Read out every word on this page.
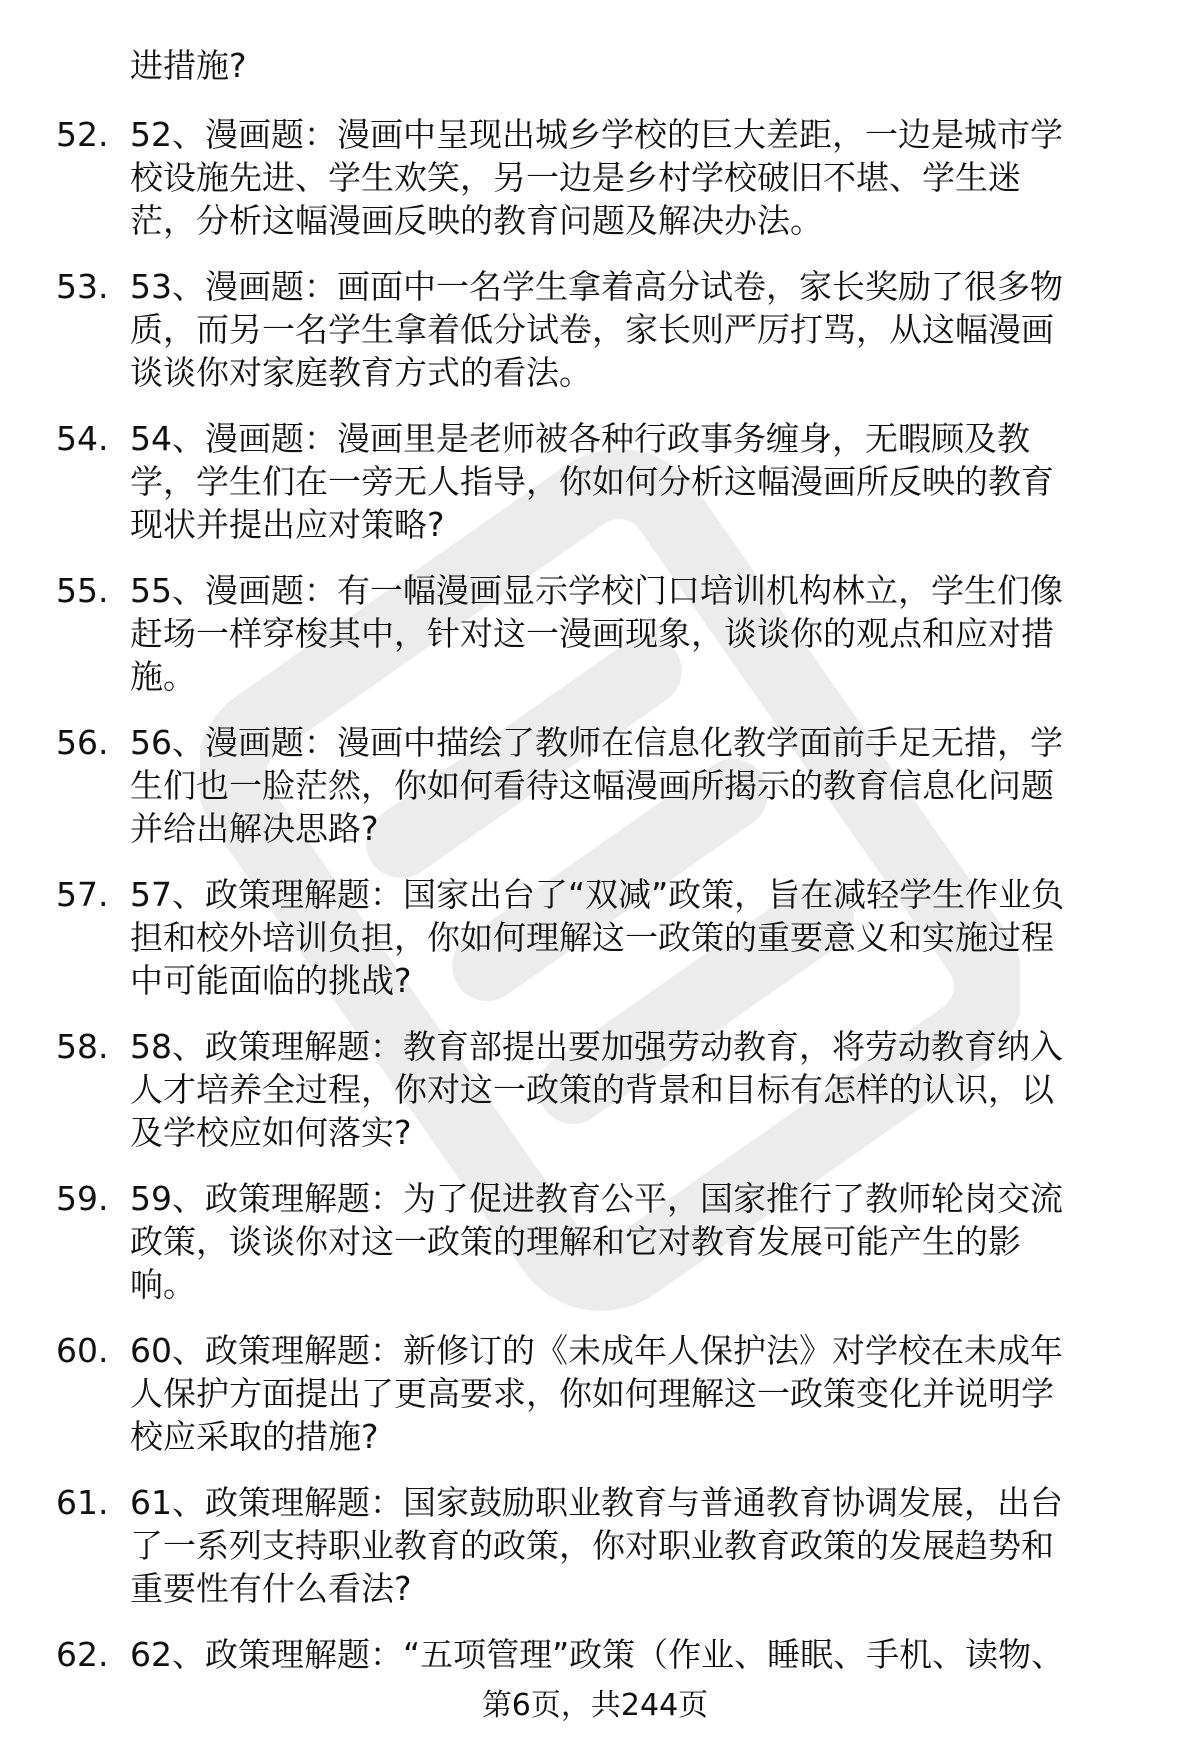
进措施?
52. 52、漫画题：漫画中呈现出城乡学校的巨大差距，一边是城市学
校设施先进、学生欢笑，另一边是乡村学校破旧不堪、学生迷
茫，分析这幅漫画反映的教育问题及解决办法。
53. 53、漫画题：画面中一名学生拿着高分试卷，家长奖励了很多物
质，而另一名学生拿着低分试卷，家长则严厉打骂，从这幅漫画
谈谈你对家庭教育方式的看法。
54. 54、漫画题：漫画里是老师被各种行政事务缠身，无暇顾及教
学，学生们在一旁无人指导，你如何分析这幅漫画所反映的教育
现状并提出应对策略?
55. 55、漫画题：有一幅漫画显示学校门口培训机构林立，学生们像
赶场一样穿梭其中，针对这一漫画现象，谈谈你的观点和应对措
施。
56. 56、漫画题：漫画中描绘了教师在信息化教学面前手足无措，学
生们也一脸茫然，你如何看待这幅漫画所揭示的教育信息化问题
并给出解决思路?
57. 57、政策理解题：国家出台了“双减”政策，旨在减轻学生作业负
担和校外培训负担，你如何理解这一政策的重要意义和实施过程
中可能面临的挑战?
58. 58、政策理解题：教育部提出要加强劳动教育，将劳动教育纳入
人才培养全过程，你对这一政策的背景和目标有怎样的认识，以
及学校应如何落实?
59. 59、政策理解题：为了促进教育公平，国家推行了教师轮岗交流
政策，谈谈你对这一政策的理解和它对教育发展可能产生的影
响。
60. 60、政策理解题：新修订的《未成年人保护法》对学校在未成年
人保护方面提出了更高要求，你如何理解这一政策变化并说明学
校应采取的措施?
61. 61、政策理解题：国家鼓励职业教育与普通教育协调发展，出台
了一系列支持职业教育的政策，你对职业教育政策的发展趋势和
重要性有什么看法?
62. 62、政策理解题：“五项管理”政策（作业、睡眠、手机、读物、
第6页，共244页
